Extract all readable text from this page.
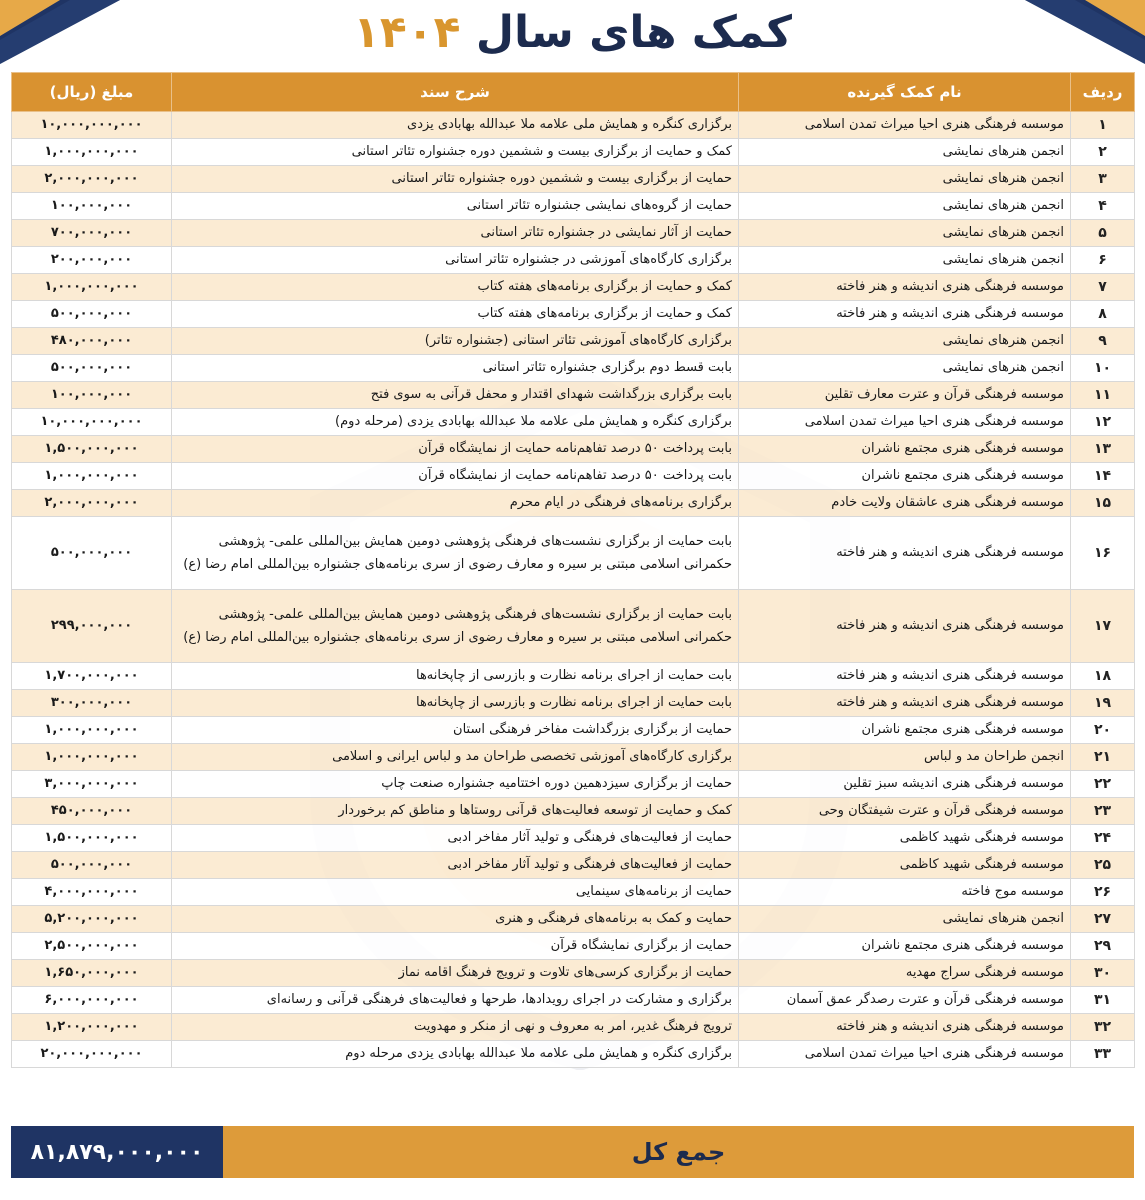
کمک های سال ۱۴۰۴
ردیف	نام کمک گیرنده	شرح سند	مبلغ (ریال)
۱	موسسه فرهنگی هنری احیا میراث تمدن اسلامی	برگزاری کنگره و همایش ملی علامه ملا عبدالله بهابادی یزدی	۱۰,۰۰۰,۰۰۰,۰۰۰
۲	انجمن هنرهای نمایشی	کمک و حمایت از برگزاری بیست و ششمین دوره جشنواره تئاتر استانی	۱,۰۰۰,۰۰۰,۰۰۰
۳	انجمن هنرهای نمایشی	حمایت از برگزاری بیست و ششمین دوره جشنواره تئاتر استانی	۲,۰۰۰,۰۰۰,۰۰۰
۴	انجمن هنرهای نمایشی	حمایت از گروه‌های نمایشی جشنواره تئاتر استانی	۱۰۰,۰۰۰,۰۰۰
۵	انجمن هنرهای نمایشی	حمایت از آثار نمایشی در جشنواره تئاتر استانی	۷۰۰,۰۰۰,۰۰۰
۶	انجمن هنرهای نمایشی	برگزاری کارگاه‌های آموزشی در جشنواره تئاتر استانی	۲۰۰,۰۰۰,۰۰۰
۷	موسسه فرهنگی هنری اندیشه و هنر فاخته	کمک و حمایت از برگزاری برنامه‌های هفته کتاب	۱,۰۰۰,۰۰۰,۰۰۰
۸	موسسه فرهنگی هنری اندیشه و هنر فاخته	کمک و حمایت از برگزاری برنامه‌های هفته کتاب	۵۰۰,۰۰۰,۰۰۰
۹	انجمن هنرهای نمایشی	برگزاری کارگاه‌های آموزشی تئاتر استانی (جشنواره تئاتر)	۴۸۰,۰۰۰,۰۰۰
۱۰	انجمن هنرهای نمایشی	بابت قسط دوم برگزاری جشنواره تئاتر استانی	۵۰۰,۰۰۰,۰۰۰
۱۱	موسسه فرهنگی قرآن و عترت معارف تقلین	بابت برگزاری بزرگداشت شهدای اقتدار و محفل قرآنی به سوی فتح	۱۰۰,۰۰۰,۰۰۰
۱۲	موسسه فرهنگی هنری احیا میراث تمدن اسلامی	برگزاری کنگره و همایش ملی علامه ملا عبدالله بهابادی یزدی (مرحله دوم)	۱۰,۰۰۰,۰۰۰,۰۰۰
۱۳	موسسه فرهنگی هنری مجتمع ناشران	بابت پرداخت ۵۰ درصد تفاهم‌نامه حمایت از نمایشگاه قرآن	۱,۵۰۰,۰۰۰,۰۰۰
۱۴	موسسه فرهنگی هنری مجتمع ناشران	بابت پرداخت ۵۰ درصد تفاهم‌نامه حمایت از نمایشگاه قرآن	۱,۰۰۰,۰۰۰,۰۰۰
۱۵	موسسه فرهنگی هنری عاشقان ولایت خادم	برگزاری برنامه‌های فرهنگی در ایام محرم	۲,۰۰۰,۰۰۰,۰۰۰
۱۶	موسسه فرهنگی هنری اندیشه و هنر فاخته	بابت حمایت از برگزاری نشست‌های فرهنگی پژوهشی دومین همایش بین‌المللی علمی- پژوهشی حکمرانی اسلامی مبتنی بر سیره و معارف رضوی از سری برنامه‌های جشنواره بین‌المللی امام رضا (ع)	۵۰۰,۰۰۰,۰۰۰
۱۷	موسسه فرهنگی هنری اندیشه و هنر فاخته	بابت حمایت از برگزاری نشست‌های فرهنگی پژوهشی دومین همایش بین‌المللی علمی- پژوهشی حکمرانی اسلامی مبتنی بر سیره و معارف رضوی از سری برنامه‌های جشنواره بین‌المللی امام رضا (ع)	۲۹۹,۰۰۰,۰۰۰
۱۸	موسسه فرهنگی هنری اندیشه و هنر فاخته	بابت حمایت از اجرای برنامه نظارت و بازرسی از چاپخانه‌ها	۱,۷۰۰,۰۰۰,۰۰۰
۱۹	موسسه فرهنگی هنری اندیشه و هنر فاخته	بابت حمایت از اجرای برنامه نظارت و بازرسی از چاپخانه‌ها	۳۰۰,۰۰۰,۰۰۰
۲۰	موسسه فرهنگی هنری مجتمع ناشران	حمایت از برگزاری بزرگداشت مفاخر فرهنگی استان	۱,۰۰۰,۰۰۰,۰۰۰
۲۱	انجمن طراحان مد و لباس	برگزاری کارگاه‌های آموزشی تخصصی طراحان مد و لباس ایرانی و اسلامی	۱,۰۰۰,۰۰۰,۰۰۰
۲۲	موسسه فرهنگی هنری اندیشه سبز تقلین	حمایت از برگزاری سیزدهمین دوره اختتامیه جشنواره صنعت چاپ	۳,۰۰۰,۰۰۰,۰۰۰
۲۳	موسسه فرهنگی قرآن و عترت شیفتگان وحی	کمک و حمایت از توسعه فعالیت‌های قرآنی روستاها و مناطق کم برخوردار	۴۵۰,۰۰۰,۰۰۰
۲۴	موسسه فرهنگی شهید کاظمی	حمایت از فعالیت‌های فرهنگی و تولید آثار مفاخر ادبی	۱,۵۰۰,۰۰۰,۰۰۰
۲۵	موسسه فرهنگی شهید کاظمی	حمایت از فعالیت‌های فرهنگی و تولید آثار مفاخر ادبی	۵۰۰,۰۰۰,۰۰۰
۲۶	موسسه موج فاخته	حمایت از برنامه‌های سینمایی	۴,۰۰۰,۰۰۰,۰۰۰
۲۷	انجمن هنرهای نمایشی	حمایت و کمک به برنامه‌های فرهنگی و هنری	۵,۲۰۰,۰۰۰,۰۰۰
۲۹	موسسه فرهنگی هنری مجتمع ناشران	حمایت از برگزاری نمایشگاه قرآن	۲,۵۰۰,۰۰۰,۰۰۰
۳۰	موسسه فرهنگی سراج مهدیه	حمایت از برگزاری کرسی‌های تلاوت و ترویج فرهنگ اقامه نماز	۱,۶۵۰,۰۰۰,۰۰۰
۳۱	موسسه فرهنگی قرآن و عترت رصدگر عمق آسمان	برگزاری و مشارکت در اجرای رویدادها، طرحها و فعالیت‌های فرهنگی قرآنی و رسانه‌ای	۶,۰۰۰,۰۰۰,۰۰۰
۳۲	موسسه فرهنگی هنری اندیشه و هنر فاخته	ترویج فرهنگ غدیر، امر به معروف و نهی از منکر و مهدویت	۱,۲۰۰,۰۰۰,۰۰۰
۳۳	موسسه فرهنگی هنری احیا میراث تمدن اسلامی	برگزاری کنگره و همایش ملی علامه ملا عبدالله بهابادی یزدی مرحله دوم	۲۰,۰۰۰,۰۰۰,۰۰۰
جمع کل
۸۱,۸۷۹,۰۰۰,۰۰۰
